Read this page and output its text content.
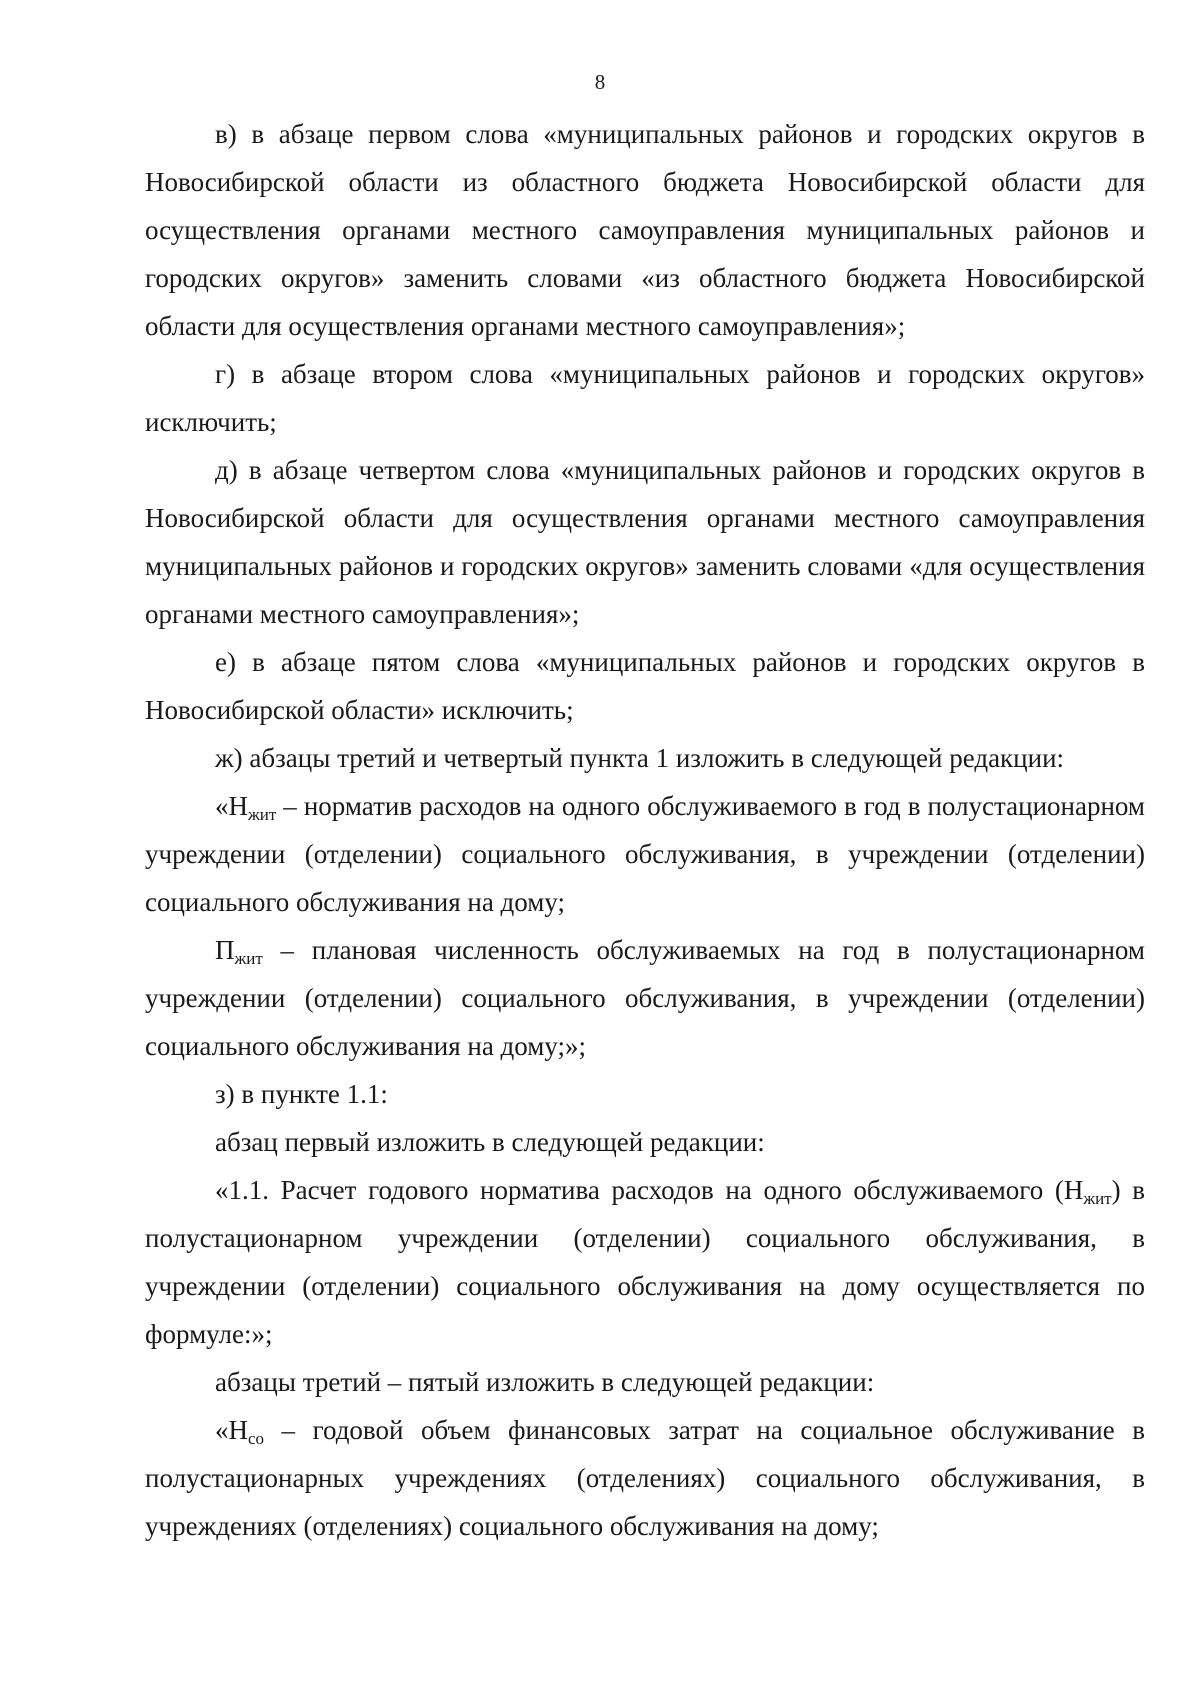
8

в) в абзаце первом слова «муниципальных районов и городских округов в Новосибирской области из областного бюджета Новосибирской области для осуществления органами местного самоуправления муниципальных районов и городских округов» заменить словами «из областного бюджета Новосибирской области для осуществления органами местного самоуправления»;

г) в абзаце втором слова «муниципальных районов и городских округов» исключить;

д) в абзаце четвертом слова «муниципальных районов и городских округов в Новосибирской области для осуществления органами местного самоуправления муниципальных районов и городских округов» заменить словами «для осуществления органами местного самоуправления»;

е) в абзаце пятом слова «муниципальных районов и городских округов в Новосибирской области» исключить;

ж) абзацы третий и четвертый пункта 1 изложить в следующей редакции:

«$Н_{жит}$ – норматив расходов на одного обслуживаемого в год в полустационарном учреждении (отделении) социального обслуживания, в учреждении (отделении) социального обслуживания на дому;

$П_{жит}$ – плановая численность обслуживаемых на год в полустационарном учреждении (отделении) социального обслуживания, в учреждении (отделении) социального обслуживания на дому;»;

з) в пункте 1.1:

абзац первый изложить в следующей редакции:

«1.1. Расчет годового норматива расходов на одного обслуживаемого $(Н_{жит})$ в полустационарном учреждении (отделении) социального обслуживания, в учреждении (отделении) социального обслуживания на дому осуществляется по формуле:»;

абзацы третий – пятый изложить в следующей редакции:

«$Н_{со}$ – годовой объем финансовых затрат на социальное обслуживание в полустационарных учреждениях (отделениях) социального обслуживания, в учреждениях (отделениях) социального обслуживания на дому;
